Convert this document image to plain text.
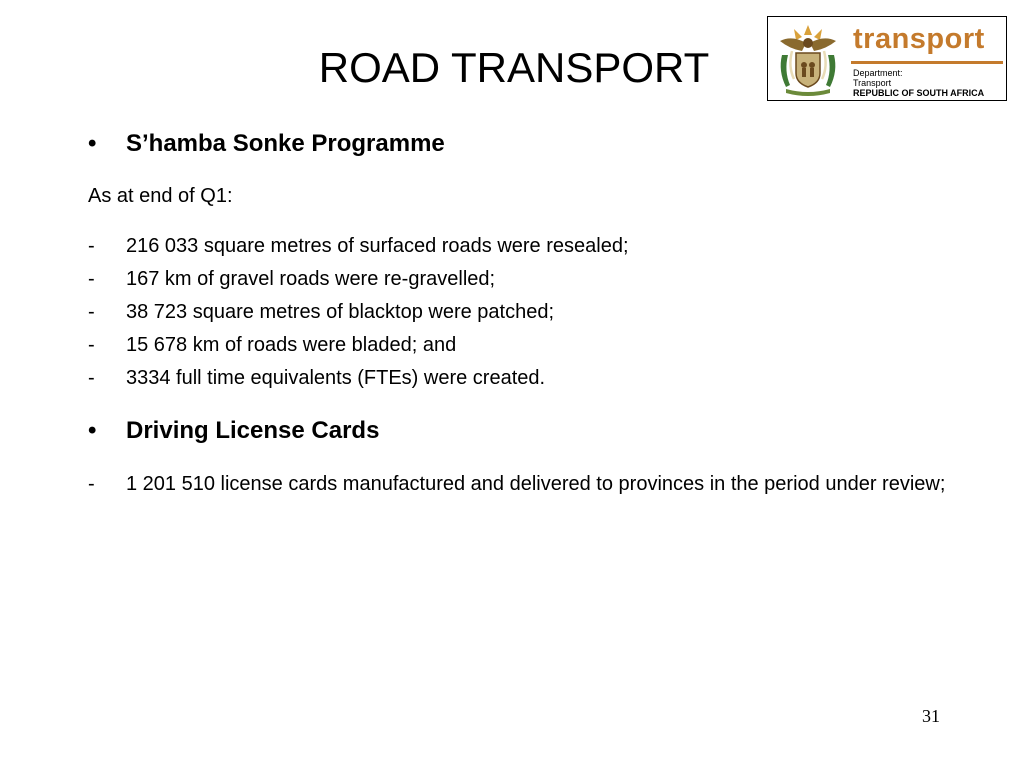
ROAD TRANSPORT
transport
Department:
Transport
REPUBLIC OF SOUTH AFRICA
• S’hamba Sonke Programme
As at end of Q1:
- 216 033 square metres of surfaced roads were resealed;
- 167 km of gravel roads were re-gravelled;
- 38 723 square metres of blacktop were patched;
- 15 678 km of roads were bladed; and
- 3334 full time equivalents (FTEs) were created.
• Driving License Cards
- 1 201 510 license cards manufactured and delivered to provinces in the period under review;
31
